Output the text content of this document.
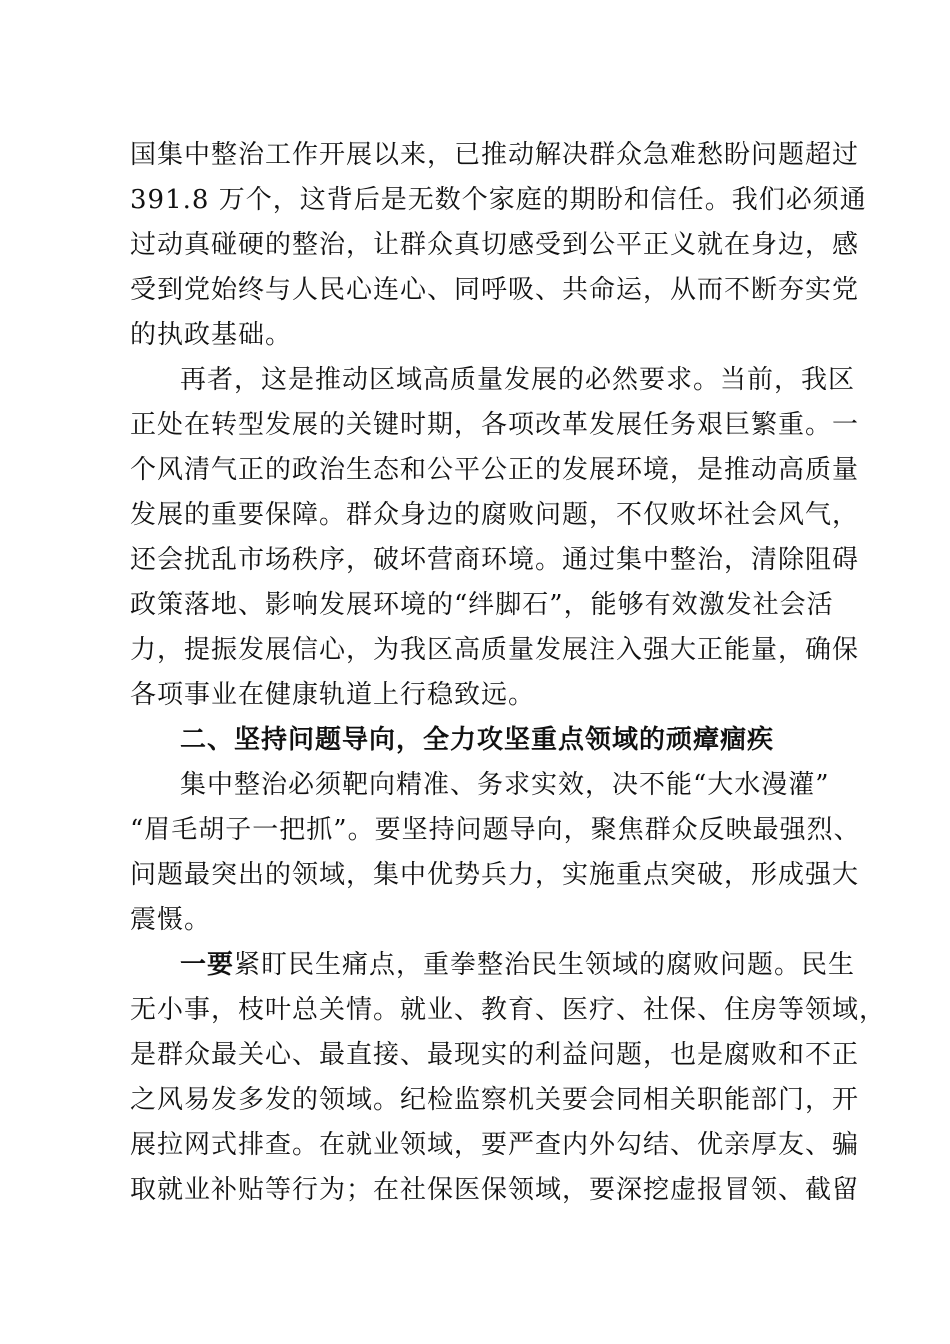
国集中整治工作开展以来，已推动解决群众急难愁盼问题超过
391.8 万个，这背后是无数个家庭的期盼和信任。我们必须通
过动真碰硬的整治，让群众真切感受到公平正义就在身边，感
受到党始终与人民心连心、同呼吸、共命运，从而不断夯实党
的执政基础。
再者，这是推动区域高质量发展的必然要求。当前，我区
正处在转型发展的关键时期，各项改革发展任务艰巨繁重。一
个风清气正的政治生态和公平公正的发展环境，是推动高质量
发展的重要保障。群众身边的腐败问题，不仅败坏社会风气，
还会扰乱市场秩序，破坏营商环境。通过集中整治，清除阻碍
政策落地、影响发展环境的“绊脚石”，能够有效激发社会活
力，提振发展信心，为我区高质量发展注入强大正能量，确保
各项事业在健康轨道上行稳致远。
二、坚持问题导向，全力攻坚重点领域的顽瘴痼疾
集中整治必须靶向精准、务求实效，决不能“大水漫灌”
“眉毛胡子一把抓”。要坚持问题导向，聚焦群众反映最强烈、
问题最突出的领域，集中优势兵力，实施重点突破，形成强大
震慑。
一要紧盯民生痛点，重拳整治民生领域的腐败问题。民生
无小事，枝叶总关情。就业、教育、医疗、社保、住房等领域，
是群众最关心、最直接、最现实的利益问题，也是腐败和不正
之风易发多发的领域。纪检监察机关要会同相关职能部门，开
展拉网式排查。在就业领域，要严查内外勾结、优亲厚友、骗
取就业补贴等行为；在社保医保领域，要深挖虚报冒领、截留
